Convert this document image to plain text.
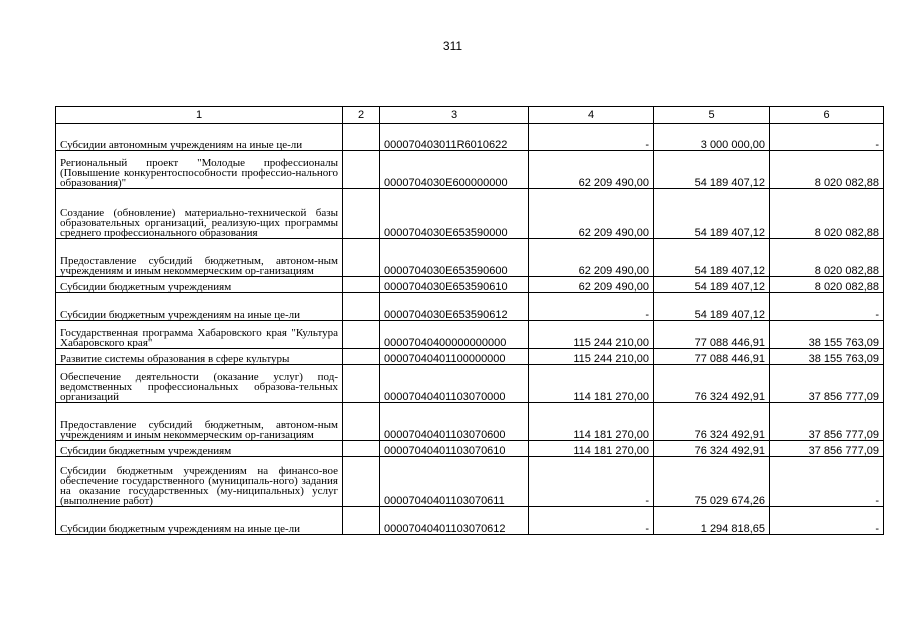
311
1	2	3	4	5	6
Субсидии автономным учреждениям на иные це-ли		000070403011R6010622	-	3 000 000,00	-
Региональный проект "Молодые профессионалы (Повышение конкурентоспособности профессио-нального образования)"		0000704030E600000000	62 209 490,00	54 189 407,12	8 020 082,88
Создание (обновление) материально-технической базы образовательных организаций, реализую-щих программы среднего профессионального образования		0000704030E653590000	62 209 490,00	54 189 407,12	8 020 082,88
Предоставление субсидий бюджетным, автоном-ным учреждениям и иным некоммерческим ор-ганизациям		0000704030E653590600	62 209 490,00	54 189 407,12	8 020 082,88
Субсидии бюджетным учреждениям		0000704030E653590610	62 209 490,00	54 189 407,12	8 020 082,88
Субсидии бюджетным учреждениям на иные це-ли		0000704030E653590612	-	54 189 407,12	-
Государственная программа Хабаровского края "Культура Хабаровского края"		00007040400000000000	115 244 210,00	77 088 446,91	38 155 763,09
Развитие системы образования в сфере культуры		00007040401100000000	115 244 210,00	77 088 446,91	38 155 763,09
Обеспечение деятельности (оказание услуг) под-ведомственных профессиональных образова-тельных организаций		00007040401103070000	114 181 270,00	76 324 492,91	37 856 777,09
Предоставление субсидий бюджетным, автоном-ным учреждениям и иным некоммерческим ор-ганизациям		00007040401103070600	114 181 270,00	76 324 492,91	37 856 777,09
Субсидии бюджетным учреждениям		00007040401103070610	114 181 270,00	76 324 492,91	37 856 777,09
Субсидии бюджетным учреждениям на финансо-вое обеспечение государственного (муниципаль-ного) задания на оказание государственных (му-ниципальных) услуг (выполнение работ)		00007040401103070611	-	75 029 674,26	-
Субсидии бюджетным учреждениям на иные це-ли		00007040401103070612	-	1 294 818,65	-
